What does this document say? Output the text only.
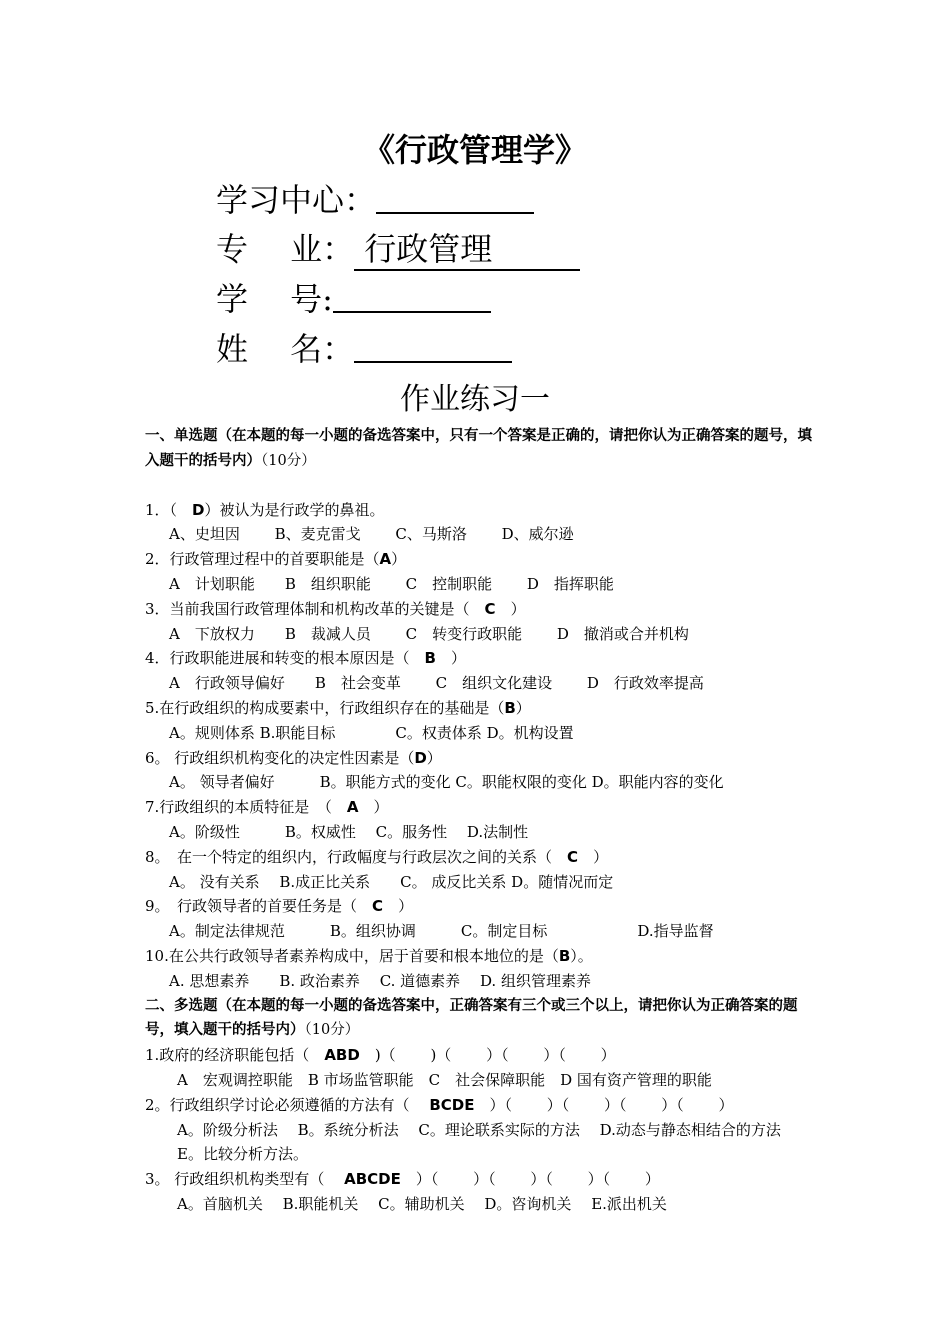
《行政管理学》
学习中心：
专　 业： 行政管理
学　 号:
姓　 名：
作业练习一
一、单选题（在本题的每一小题的备选答案中，只有一个答案是正确的，请把你认为正确答案的题号，填入题干的括号内）（10分）
1．（　D）被认为是行政学的鼻祖。
A、史坦因　　 B、麦克雷戈　　 C、马斯洛　　 D、威尔逊
2．行政管理过程中的首要职能是（A）
A　计划职能　　B　组织职能　　 C　控制职能　　 D　指挥职能
3．当前我国行政管理体制和机构改革的关键是（　C　）
A　下放权力　　B　裁减人员　　 C　转变行政职能　　 D　撤消或合并机构
4．行政职能进展和转变的根本原因是（　B　）
A　行政领导偏好　　B　社会变革　　 C　组织文化建设　　 D　行政效率提高
5.在行政组织的构成要素中，行政组织存在的基础是（B）
A。规则体系 B.职能目标　　　　C。权责体系 D。机构设置
6。 行政组织机构变化的决定性因素是（D）
A。 领导者偏好　　　B。职能方式的变化 C。职能权限的变化 D。职能内容的变化
7.行政组织的本质特征是　（　A　）
A。阶级性　　　B。权威性　 C。服务性　 D.法制性
8。　在一个特定的组织内，行政幅度与行政层次之间的关系（　C　）
A。 没有关系　 B.成正比关系　　C。 成反比关系 D。随情况而定
9。　行政领导者的首要任务是（　C　）
A。制定法律规范　　　B。组织协调　　　C。制定目标　　　　　　D.指导监督
10.在公共行政领导者素养构成中，居于首要和根本地位的是（B）。
A. 思想素养　　B. 政治素养　 C. 道德素养　 D. 组织管理素养
二、多选题（在本题的每一小题的备选答案中，正确答案有三个或三个以上，请把你认为正确答案的题号，填入题干的括号内）（10分）
1.政府的经济职能包括（　ABD　)（　　 )（　　 ）（　　 ）（　　 ）
A　宏观调控职能　B 市场监管职能　C　社会保障职能　D 国有资产管理的职能
2。行政组织学讨论必须遵循的方法有（　 BCDE　）（　　 ）（　　 ）（　　 ）（　　 ）
A。阶级分析法　 B。系统分析法　 C。理论联系实际的方法　 D.动态与静态相结合的方法　 E。比较分析方法。
3。 行政组织机构类型有（　 ABCDE　）（　　 ）（　　 ）（　　 ）（　　 ）
A。首脑机关　 B.职能机关　 C。辅助机关　 D。咨询机关　 E.派出机关
